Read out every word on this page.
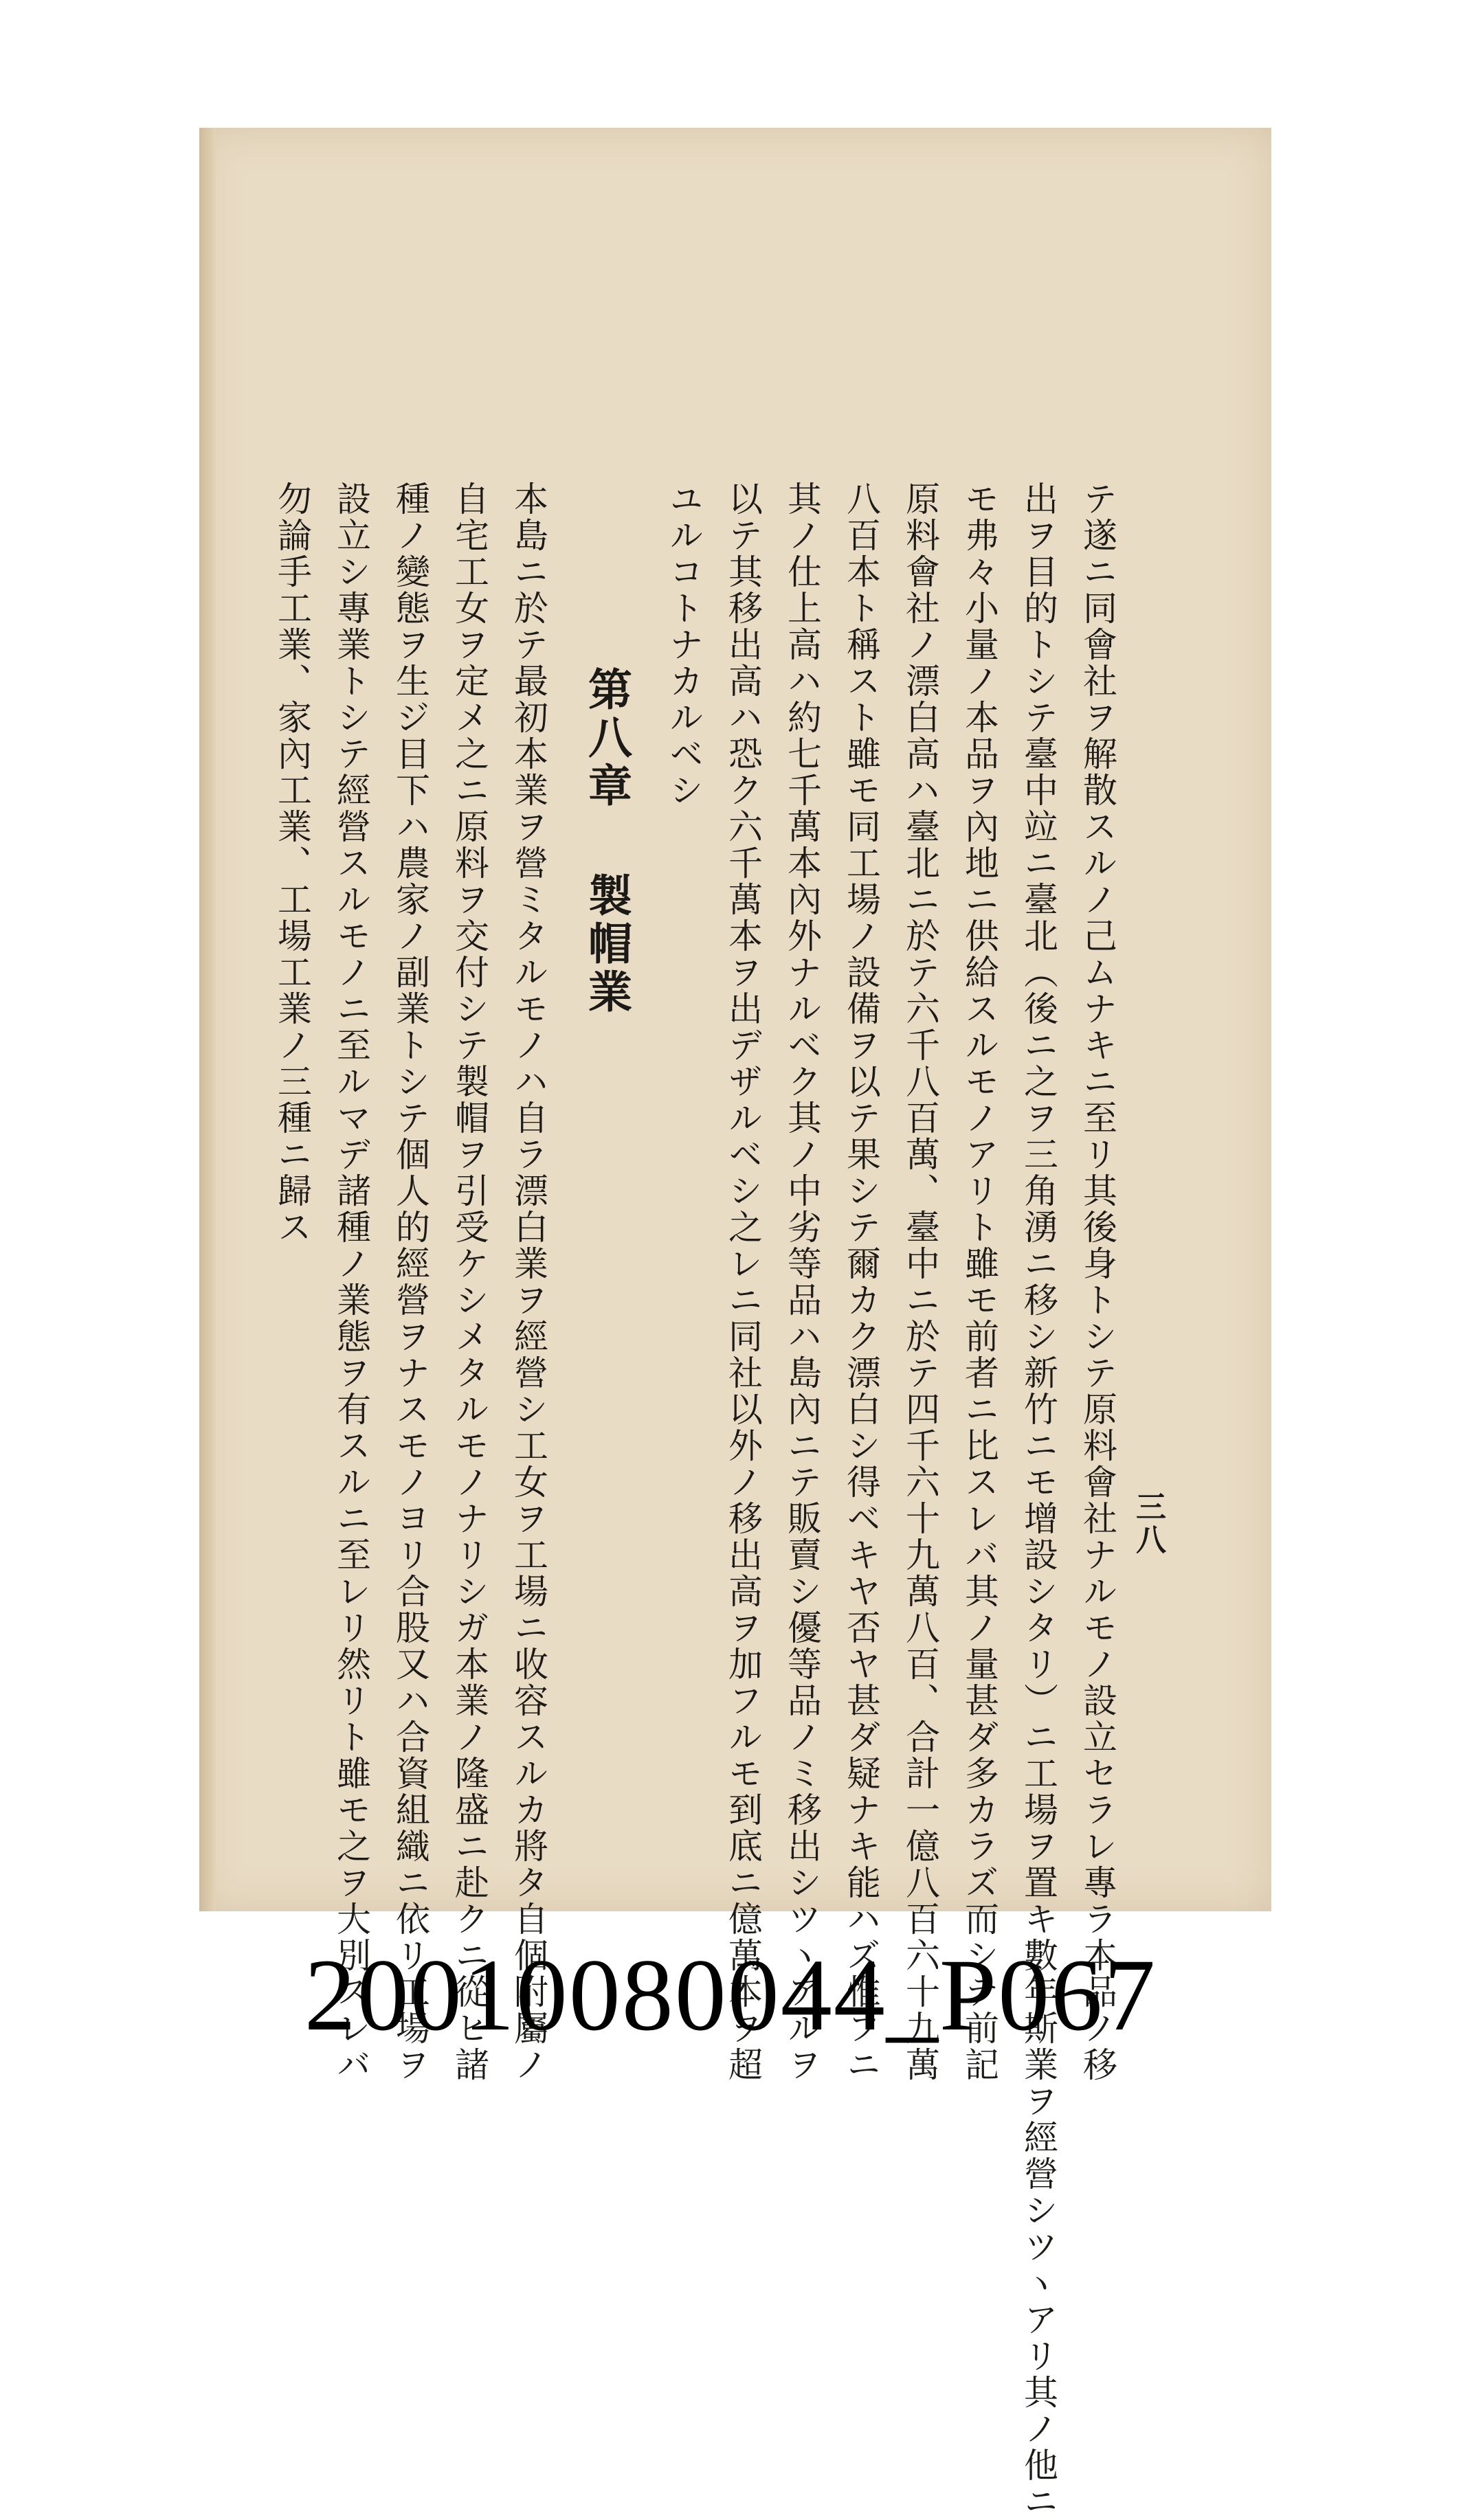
三八
テ遂ニ同會社ヲ解散スルノ己ムナキニ至リ其後身トシテ原料會社ナルモノ設立セラレ專ラ本品ノ移
出ヲ目的トシテ臺中竝ニ臺北（後ニ之ヲ三角湧ニ移シ新竹ニモ增設シタリ）ニ工場ヲ置キ數年斯業ヲ經營シツヽアリ其ノ他ニ
モ弗々小量ノ本品ヲ內地ニ供給スルモノアリト雖モ前者ニ比スレバ其ノ量甚ダ多カラズ而シテ前記
原料會社ノ漂白高ハ臺北ニ於テ六千八百萬、臺中ニ於テ四千六十九萬八百、合計一億八百六十九萬
八百本ト稱スト雖モ同工場ノ設備ヲ以テ果シテ爾カク漂白シ得ベキヤ否ヤ甚ダ疑ナキ能ハズ惟フニ
其ノ仕上高ハ約七千萬本內外ナルベク其ノ中劣等品ハ島內ニテ販賣シ優等品ノミ移出シツヽアルヲ
以テ其移出高ハ恐ク六千萬本ヲ出デザルベシ之レニ同社以外ノ移出高ヲ加フルモ到底ニ億萬本ヲ超
ユルコトナカルベシ
第八章製帽業
本島ニ於テ最初本業ヲ營ミタルモノハ自ラ漂白業ヲ經營シ工女ヲ工場ニ收容スルカ將タ自個附屬ノ
自宅工女ヲ定メ之ニ原料ヲ交付シテ製帽ヲ引受ケシメタルモノナリシガ本業ノ隆盛ニ赴クニ從ヒ諸
種ノ變態ヲ生ジ目下ハ農家ノ副業トシテ個人的經營ヲナスモノヨリ合股又ハ合資組織ニ依リ工場ヲ
設立シ專業トシテ經營スルモノニ至ルマデ諸種ノ業態ヲ有スルニ至レリ然リト雖モ之ヲ大別スレバ
勿論手工業、家內工業、工場工業ノ三種ニ歸ス
20010080044_P067
